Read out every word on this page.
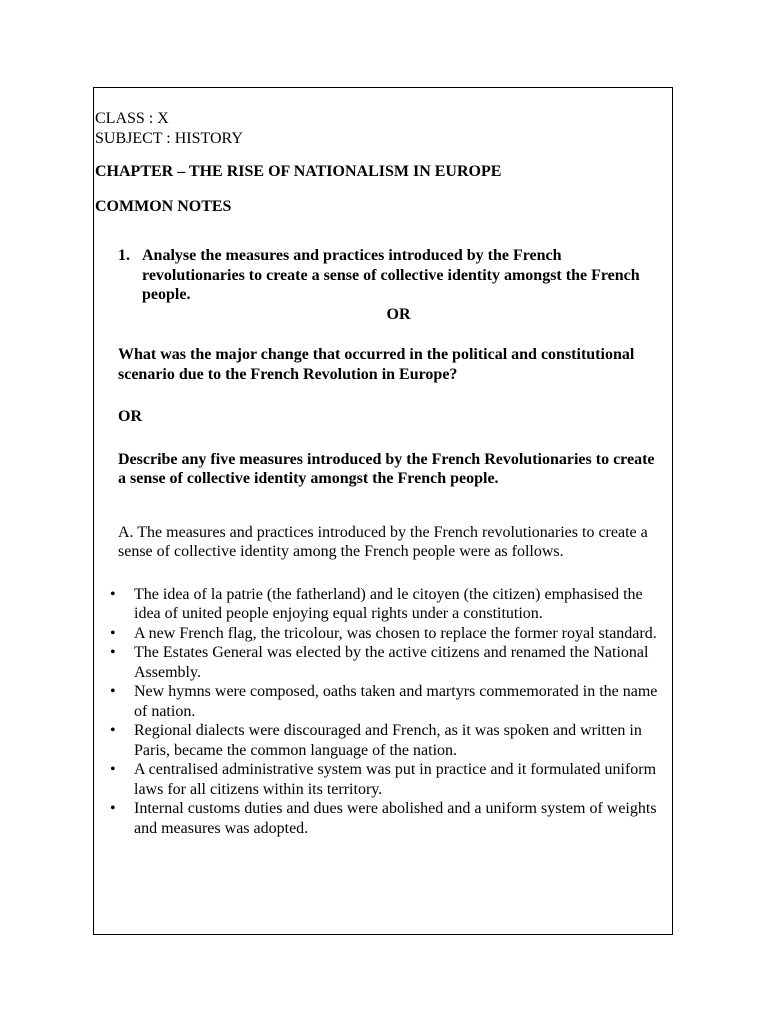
CLASS : X

SUBJECT : HISTORY

CHAPTER – THE RISE OF NATIONALISM IN EUROPE

COMMON NOTES

1. Analyse the measures and practices introduced by the French revolutionaries to create a sense of collective identity amongst the French people.

OR

What was the major change that occurred in the political and constitutional scenario due to the French Revolution in Europe?

OR

Describe any five measures introduced by the French Revolutionaries to create a sense of collective identity amongst the French people.

A. The measures and practices introduced by the French revolutionaries to create a sense of collective identity among the French people were as follows.

•	The idea of la patrie (the fatherland) and le citoyen (the citizen) emphasised the idea of united people enjoying equal rights under a constitution.
•	A new French flag, the tricolour, was chosen to replace the former royal standard.
•	The Estates General was elected by the active citizens and renamed the National Assembly.
•	New hymns were composed, oaths taken and martyrs commemorated in the name of nation.
•	Regional dialects were discouraged and French, as it was spoken and written in Paris, became the common language of the nation.
•	A centralised administrative system was put in practice and it formulated uniform laws for all citizens within its territory.
•	Internal customs duties and dues were abolished and a uniform system of weights and measures was adopted.
